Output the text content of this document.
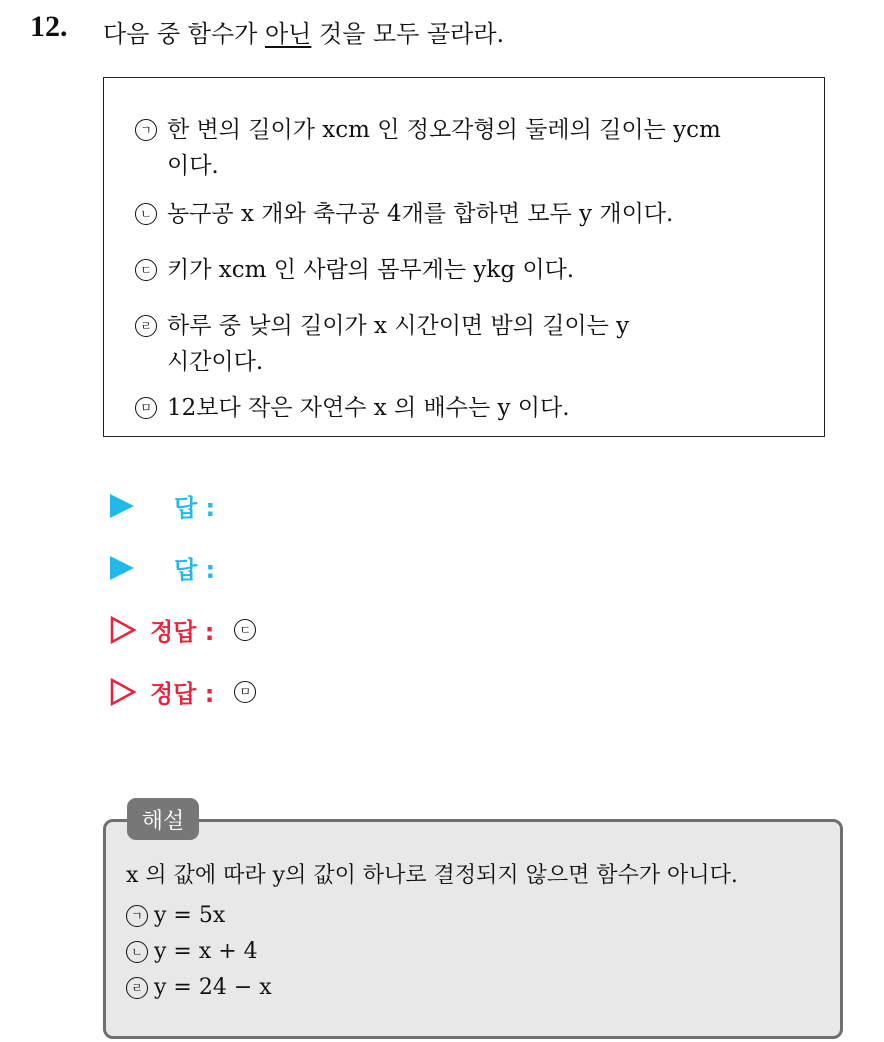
12. 다음 중 함수가 아닌 것을 모두 골라라.
ㄱ 한 변의 길이가 xcm 인 정오각형의 둘레의 길이는 ycm
이다.
ㄴ 농구공 x 개와 축구공 4개를 합하면 모두 y 개이다.
ㄷ 키가 xcm 인 사람의 몸무게는 ykg 이다.
ㄹ 하루 중 낮의 길이가 x 시간이면 밤의 길이는 y
시간이다.
ㅁ 12보다 작은 자연수 x 의 배수는 y 이다.
답 :
답 :
정답 :	ㄷ
정답 :	ㅁ
x 의 값에 따라 y의 값이 하나로 결정되지 않으면 함수가 아니다.
ㄱ y = 5x
ㄴ y = x + 4
ㄹ y = 24 − x
해설
